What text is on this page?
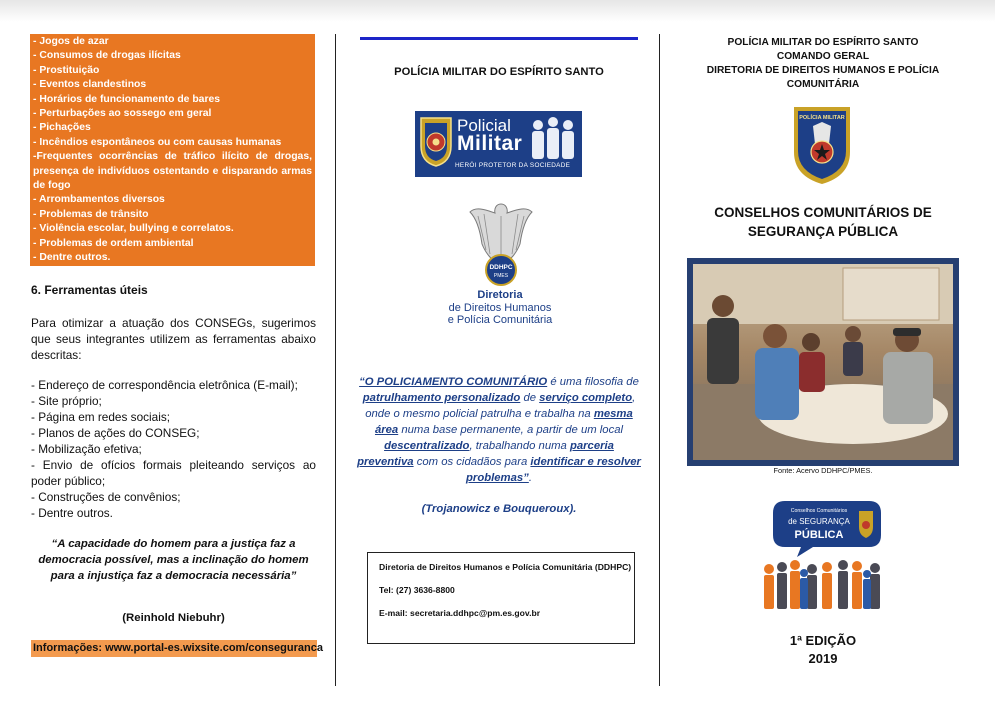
- Jogos de azar
- Consumos de drogas ilícitas
- Prostituição
- Eventos clandestinos
- Horários de funcionamento de bares
- Perturbações ao sossego em geral
- Pichações
- Incêndios espontâneos ou com causas humanas
-Frequentes ocorrências de tráfico ilícito de drogas, presença de indivíduos ostentando e disparando armas de fogo
- Arrombamentos diversos
- Problemas de trânsito
- Violência escolar, bullying e correlatos.
- Problemas de ordem ambiental
- Dentre outros.
6. Ferramentas úteis
Para otimizar a atuação dos CONSEGs, sugerimos que seus integrantes utilizem as ferramentas abaixo descritas:
- Endereço de correspondência eletrônica (E-mail);
- Site próprio;
- Página em redes sociais;
- Planos de ações do CONSEG;
- Mobilização efetiva;
- Envio de ofícios formais pleiteando serviços ao poder público;
- Construções de convênios;
- Dentre outros.
“A capacidade do homem para a justiça faz a democracia possível, mas a inclinação do homem para a injustiça faz a democracia necessária”
(Reinhold Niebuhr)
Informações: www.portal-es.wixsite.com/conseguranca
POLÍCIA MILITAR DO ESPÍRITO SANTO
Policial
Militar
HERÓI PROTETOR DA SOCIEDADE
DDHPC
PMES
Diretoria
de Direitos Humanos
e Polícia Comunitária
“O POLICIAMENTO COMUNITÁRIO é uma filosofia de patrulhamento personalizado de serviço completo, onde o mesmo policial patrulha e trabalha na mesma área numa base permanente, a partir de um local descentralizado, trabalhando numa parceria preventiva com os cidadãos para identificar e resolver problemas”.
(Trojanowicz e Bouqueroux).
Diretoria de Direitos Humanos e Polícia Comunitária (DDHPC)
Tel: (27) 3636-8800
E-mail: secretaria.ddhpc@pm.es.gov.br
POLÍCIA MILITAR DO ESPÍRITO SANTO
COMANDO GERAL
DIRETORIA DE DIREITOS HUMANOS E POLÍCIA COMUNITÁRIA
POLÍCIA MILITAR
CONSELHOS COMUNITÁRIOS DE SEGURANÇA PÚBLICA
Fonte: Acervo DDHPC/PMES.
Conselhos Comunitários
de SEGURANÇA
PÚBLICA
1ª EDIÇÃO
2019
